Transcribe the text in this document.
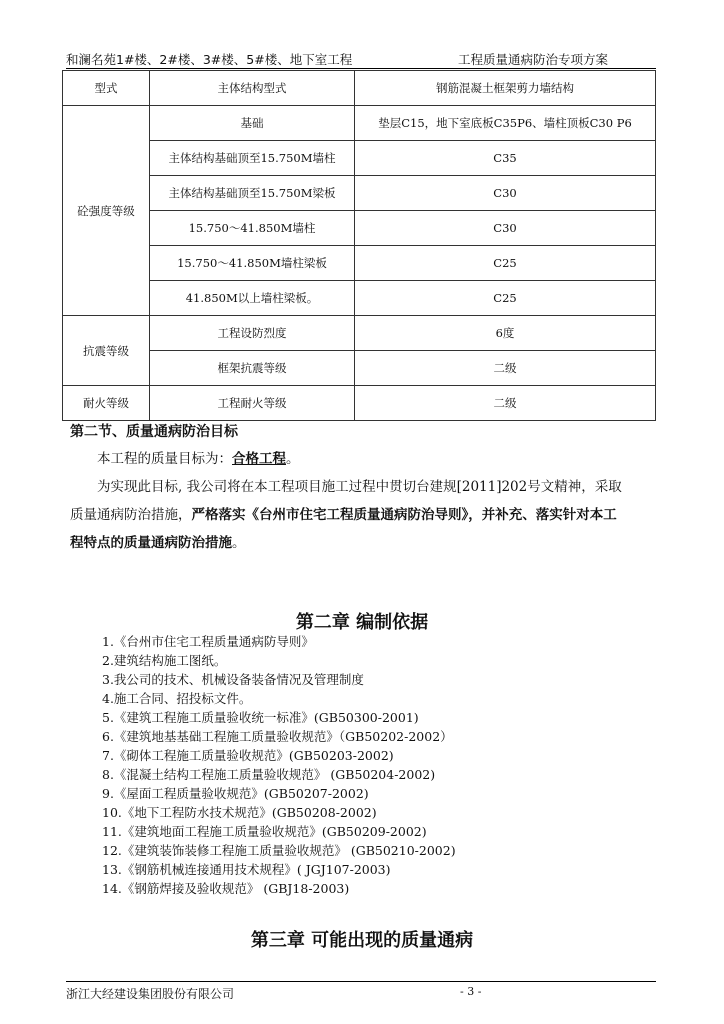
和澜名苑1#楼、2#楼、3#楼、5#楼、地下室工程	工程质量通病防治专项方案
型式	主体结构型式	钢筋混凝土框架剪力墙结构
砼强度等级	基础	垫层C15，地下室底板C35P6、墙柱顶板C30 P6
	主体结构基础顶至15.750M墙柱	C35
	主体结构基础顶至15.750M梁板	C30
	15.750～41.850M墙柱	C30
	15.750～41.850M墙柱梁板	C25
	41.850M以上墙柱梁板。	C25
抗震等级	工程设防烈度	6度
	框架抗震等级	二级
耐火等级	工程耐火等级	二级
第二节、质量通病防治目标
本工程的质量目标为：合格工程。
为实现此目标, 我公司将在本工程项目施工过程中贯切台建规[2011]202号文精神，采取
质量通病防治措施，严格落实《台州市住宅工程质量通病防治导则》，并补充、落实针对本工
程特点的质量通病防治措施。
第二章 编制依据
1.《台州市住宅工程质量通病防导则》
2.建筑结构施工图纸。
3.我公司的技术、机械设备装备情况及管理制度
4.施工合同、招投标文件。
5.《建筑工程施工质量验收统一标准》(GB50300-2001)
6.《建筑地基基础工程施工质量验收规范》（GB50202-2002）
7.《砌体工程施工质量验收规范》(GB50203-2002)
8.《混凝土结构工程施工质量验收规范》 (GB50204-2002)
9.《屋面工程质量验收规范》(GB50207-2002)
10.《地下工程防水技术规范》(GB50208-2002)
11.《建筑地面工程施工质量验收规范》(GB50209-2002)
12.《建筑装饰装修工程施工质量验收规范》 (GB50210-2002)
13.《钢筋机械连接通用技术规程》( JGJ107-2003)
14.《钢筋焊接及验收规范》 (GBJ18-2003)
第三章 可能出现的质量通病
浙江大经建设集团股份有限公司	- 3 -
